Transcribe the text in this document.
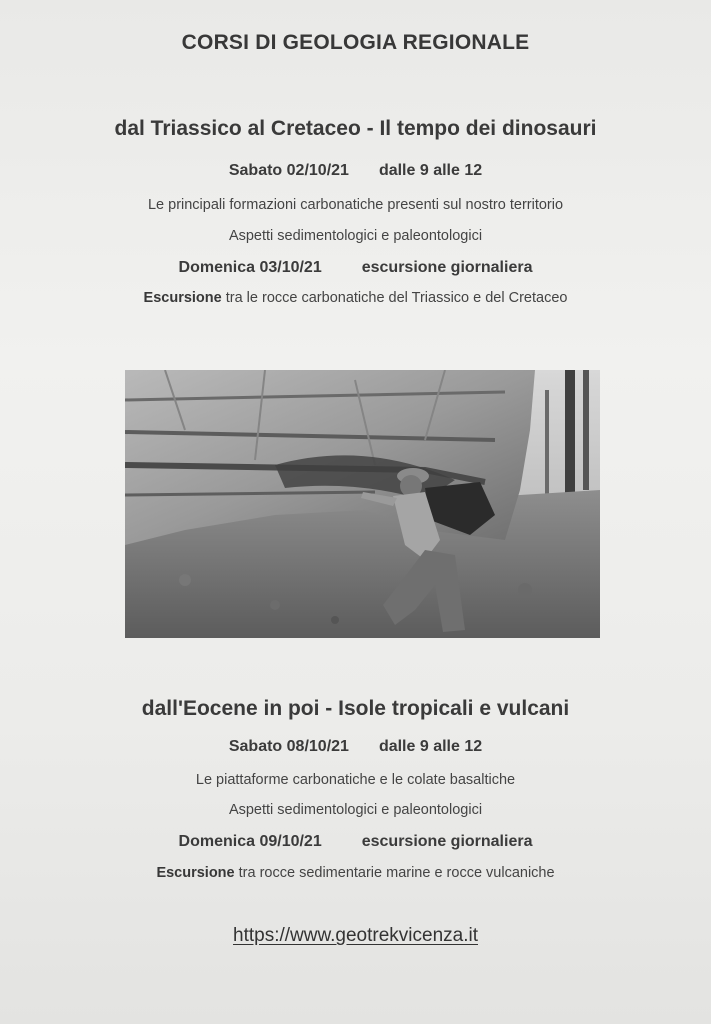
CORSI DI GEOLOGIA REGIONALE
dal Triassico al Cretaceo - Il tempo dei dinosauri
Sabato 02/10/21 dalle 9 alle 12
Le principali formazioni carbonatiche presenti sul nostro territorio
Aspetti sedimentologici e paleontologici
Domenica 03/10/21	escursione giornaliera
Escursione tra le rocce carbonatiche del Triassico e del Cretaceo
dall'Eocene in poi - Isole tropicali e vulcani
Sabato 08/10/21 dalle 9 alle 12
Le piattaforme carbonatiche e le colate basaltiche
Aspetti sedimentologici e paleontologici
Domenica 09/10/21	escursione giornaliera
Escursione tra rocce sedimentarie marine e rocce vulcaniche
https://www.geotrekvicenza.it
